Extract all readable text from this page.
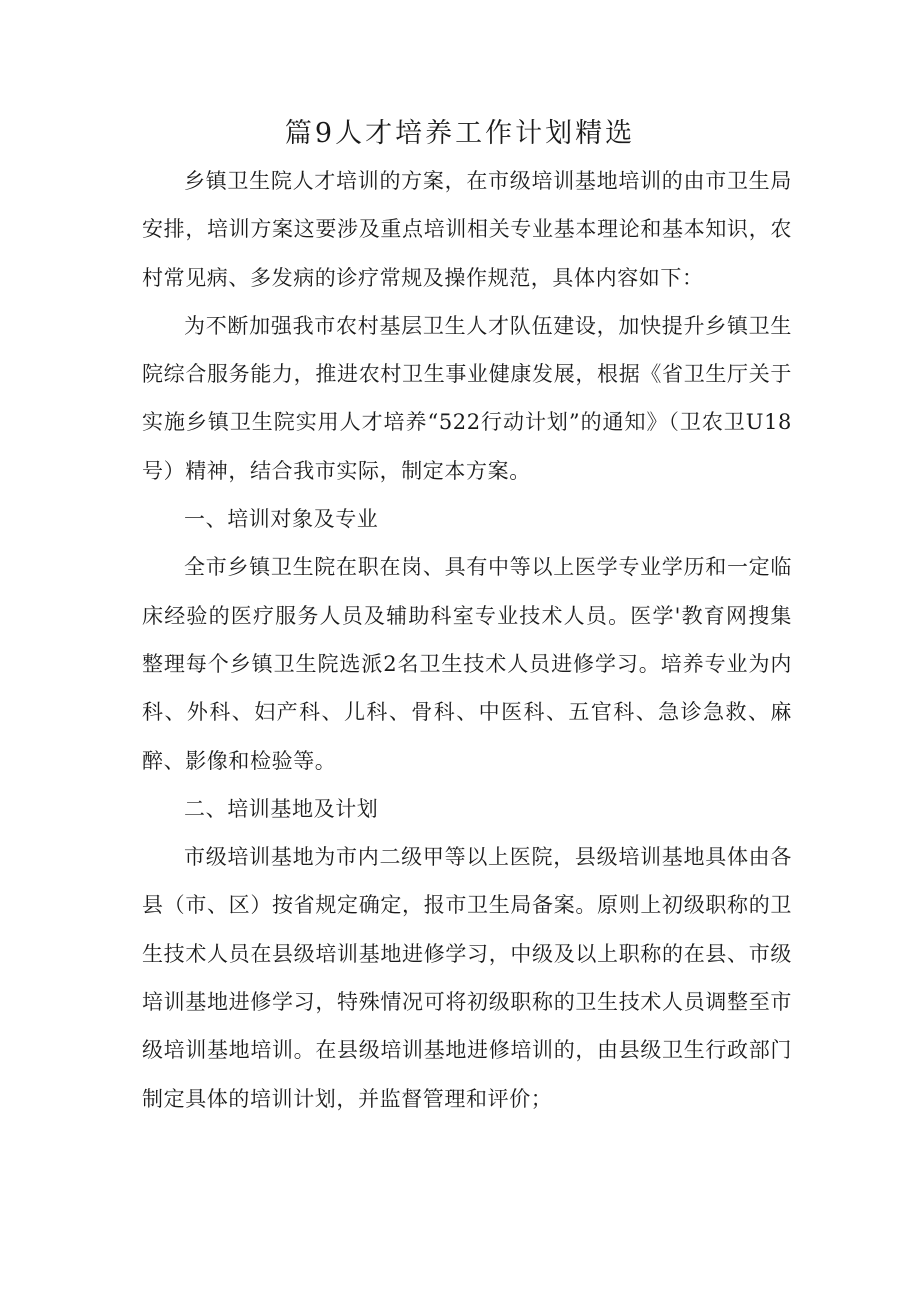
篇9人才培养工作计划精选

乡镇卫生院人才培训的方案，在市级培训基地培训的由市卫生局安排，培训方案这要涉及重点培训相关专业基本理论和基本知识，农村常见病、多发病的诊疗常规及操作规范，具体内容如下：

为不断加强我市农村基层卫生人才队伍建设，加快提升乡镇卫生院综合服务能力，推进农村卫生事业健康发展，根据《省卫生厅关于实施乡镇卫生院实用人才培养“522行动计划”的通知》（卫农卫U18号）精神，结合我市实际，制定本方案。

一、培训对象及专业

全市乡镇卫生院在职在岗、具有中等以上医学专业学历和一定临床经验的医疗服务人员及辅助科室专业技术人员。医学'教育网搜集整理每个乡镇卫生院选派2名卫生技术人员进修学习。培养专业为内科、外科、妇产科、儿科、骨科、中医科、五官科、急诊急救、麻醉、影像和检验等。

二、培训基地及计划

市级培训基地为市内二级甲等以上医院，县级培训基地具体由各县（市、区）按省规定确定，报市卫生局备案。原则上初级职称的卫生技术人员在县级培训基地进修学习，中级及以上职称的在县、市级培训基地进修学习，特殊情况可将初级职称的卫生技术人员调整至市级培训基地培训。在县级培训基地进修培训的，由县级卫生行政部门制定具体的培训计划，并监督管理和评价；
